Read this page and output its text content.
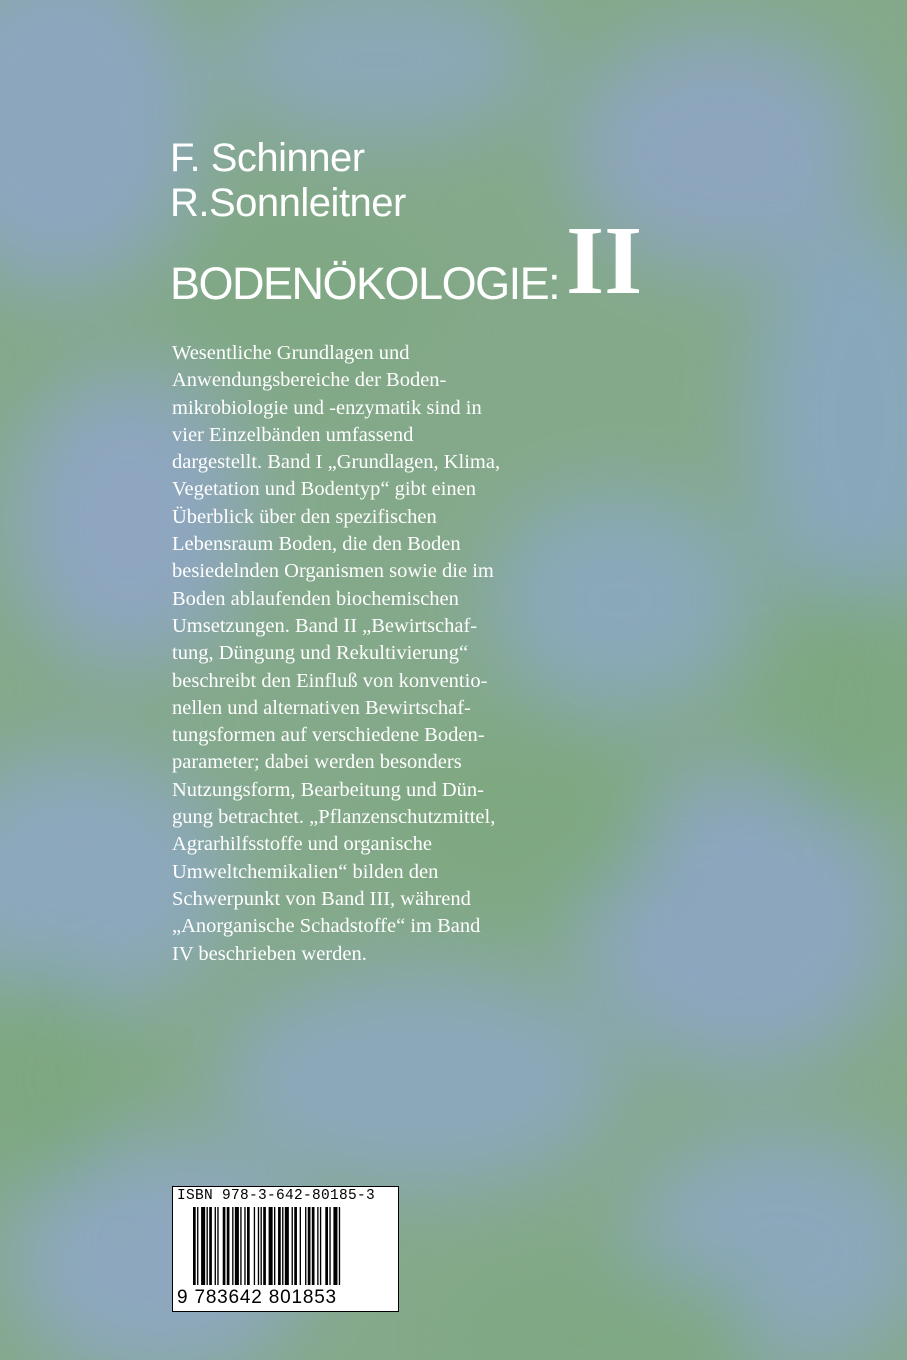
F. Schinner
R.Sonnleitner
BODENÖKOLOGIE: II
Wesentliche Grundlagen und
Anwendungsbereiche der Boden-
mikrobiologie und -enzymatik sind in
vier Einzelbänden umfassend
dargestellt. Band I „Grundlagen, Klima,
Vegetation und Bodentyp“ gibt einen
Überblick über den spezifischen
Lebensraum Boden, die den Boden
besiedelnden Organismen sowie die im
Boden ablaufenden biochemischen
Umsetzungen. Band II „Bewirtschaf-
tung, Düngung und Rekultivierung“
beschreibt den Einfluß von konventio-
nellen und alternativen Bewirtschaf-
tungsformen auf verschiedene Boden-
parameter; dabei werden besonders
Nutzungsform, Bearbeitung und Dün-
gung betrachtet. „Pflanzenschutzmittel,
Agrarhilfsstoffe und organische
Umweltchemikalien“ bilden den
Schwerpunkt von Band III, während
„Anorganische Schadstoffe“ im Band
IV beschrieben werden.
ISBN 978-3-642-80185-3
9 783642 801853
